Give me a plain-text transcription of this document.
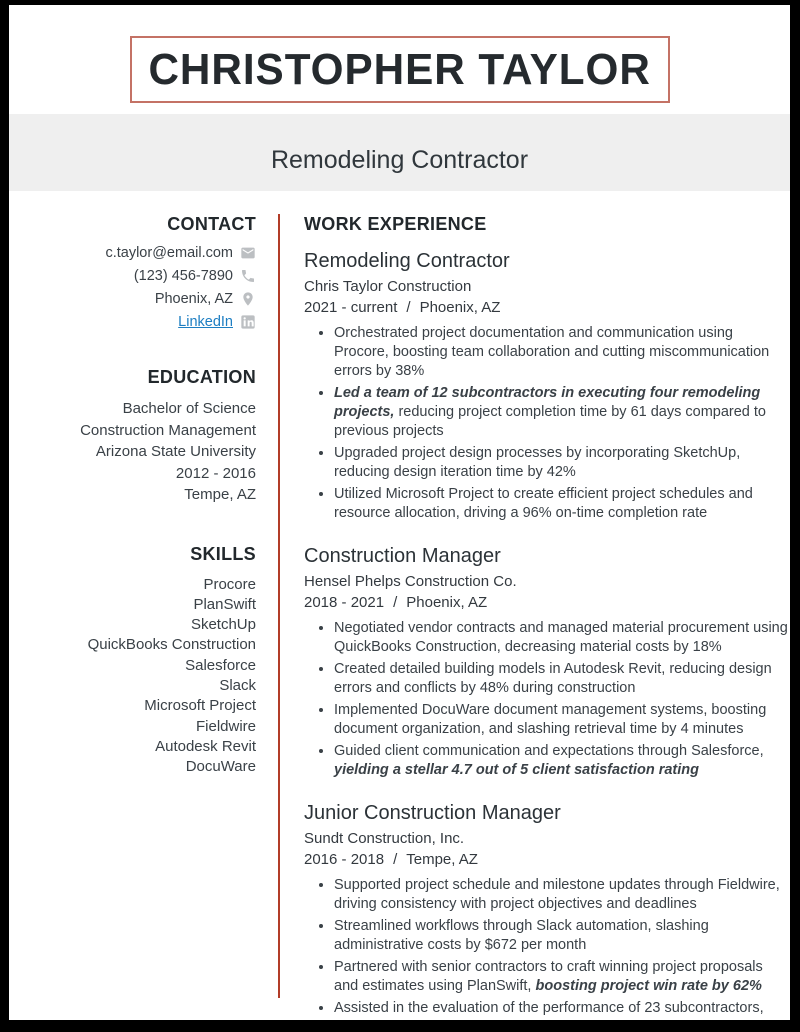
CHRISTOPHER TAYLOR
Remodeling Contractor
CONTACT
c.taylor@email.com
(123) 456-7890
Phoenix, AZ
LinkedIn
EDUCATION
Bachelor of Science
Construction Management
Arizona State University
2012 - 2016
Tempe, AZ
SKILLS
Procore
PlanSwift
SketchUp
QuickBooks Construction
Salesforce
Slack
Microsoft Project
Fieldwire
Autodesk Revit
DocuWare
WORK EXPERIENCE
Remodeling Contractor
Chris Taylor Construction
2021 - current / Phoenix, AZ
• Orchestrated project documentation and communication using Procore, boosting team collaboration and cutting miscommunication errors by 38%
• Led a team of 12 subcontractors in executing four remodeling projects, reducing project completion time by 61 days compared to previous projects
• Upgraded project design processes by incorporating SketchUp, reducing design iteration time by 42%
• Utilized Microsoft Project to create efficient project schedules and resource allocation, driving a 96% on-time completion rate
Construction Manager
Hensel Phelps Construction Co.
2018 - 2021 / Phoenix, AZ
• Negotiated vendor contracts and managed material procurement using QuickBooks Construction, decreasing material costs by 18%
• Created detailed building models in Autodesk Revit, reducing design errors and conflicts by 48% during construction
• Implemented DocuWare document management systems, boosting document organization, and slashing retrieval time by 4 minutes
• Guided client communication and expectations through Salesforce, yielding a stellar 4.7 out of 5 client satisfaction rating
Junior Construction Manager
Sundt Construction, Inc.
2016 - 2018 / Tempe, AZ
• Supported project schedule and milestone updates through Fieldwire, driving consistency with project objectives and deadlines
• Streamlined workflows through Slack automation, slashing administrative costs by $672 per month
• Partnered with senior contractors to craft winning project proposals and estimates using PlanSwift, boosting project win rate by 62%
• Assisted in the evaluation of the performance of 23 subcontractors, identifying areas for improvement, and providing feedback
